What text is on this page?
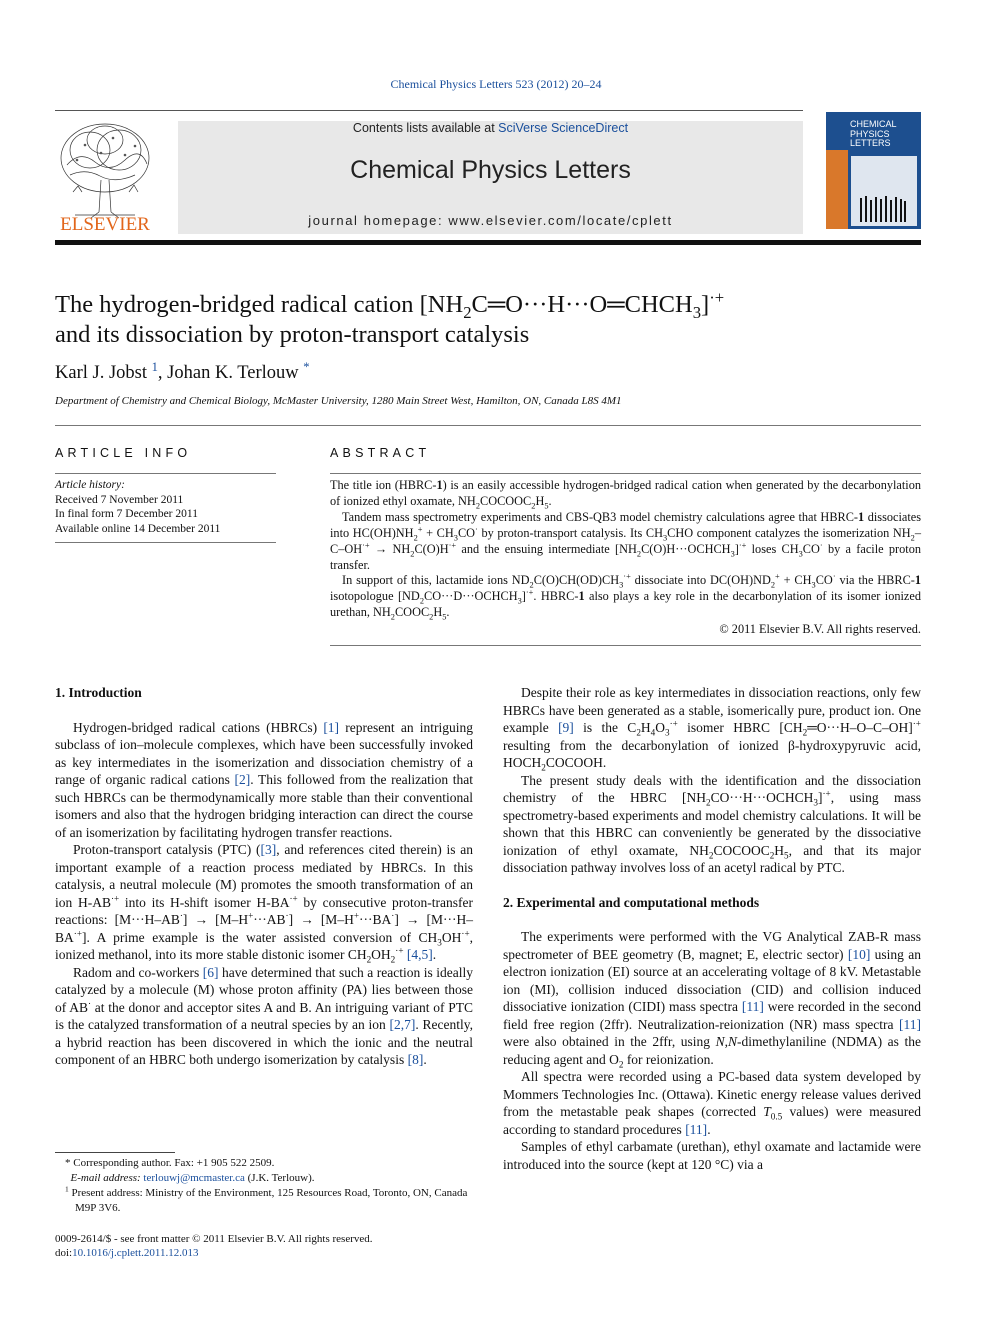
Chemical Physics Letters 523 (2012) 20–24
ELSEVIER
Contents lists available at SciVerse ScienceDirect
Chemical Physics Letters
journal homepage: www.elsevier.com/locate/cplett
CHEMICAL
PHYSICS
LETTERS
The hydrogen-bridged radical cation $[NH_2C═O\cdot\cdot\cdot H\cdot\cdot\cdot O═CHCH_3]^{\cdot+}$
and its dissociation by proton-transport catalysis
Karl J. Jobst $^1$, Johan K. Terlouw *
Department of Chemistry and Chemical Biology, McMaster University, 1280 Main Street West, Hamilton, ON, Canada L8S 4M1
ARTICLE INFO
Article history:
Received 7 November 2011
In final form 7 December 2011
Available online 14 December 2011
ABSTRACT

The title ion (HBRC-1) is an easily accessible hydrogen-bridged radical cation when generated by the decarbonylation of ionized ethyl oxamate, $NH_2COCOOC_2H_5$.

Tandem mass spectrometry experiments and CBS-QB3 model chemistry calculations agree that HBRC-1 dissociates into $HC(OH)NH_2^+ + CH_3CO^\cdot$ by proton-transport catalysis. Its $CH_3CHO$ component catalyzes the isomerization $NH_2-C-OH^{\cdot+} \to NH_2C(O)H^{\cdot+}$ and the ensuing intermediate $[NH_2C(O)H\cdot\cdot\cdot OCHCH_3]^{\cdot+}$ loses $CH_3CO^\cdot$ by a facile proton transfer.

In support of this, lactamide ions $ND_2C(O)CH(OD)CH_3^{\cdot+}$ dissociate into $DC(OH)ND_2^+ + CH_3CO^\cdot$ via the HBRC-1 isotopologue $[ND_2CO\cdot\cdot\cdot D\cdot\cdot\cdot OCHCH_3]^{\cdot+}$. HBRC-1 also plays a key role in the decarbonylation of its isomer ionized urethan, $NH_2COOC_2H_5$.

© 2011 Elsevier B.V. All rights reserved.
1. Introduction

Hydrogen-bridged radical cations (HBRCs) [1] represent an intriguing subclass of ion–molecule complexes, which have been successfully invoked as key intermediates in the isomerization and dissociation chemistry of a range of organic radical cations [2]. This followed from the realization that such HBRCs can be thermodynamically more stable than their conventional isomers and also that the hydrogen bridging interaction can direct the course of an isomerization by facilitating hydrogen transfer reactions.

Proton-transport catalysis (PTC) ([3], and references cited therein) is an important example of a reaction process mediated by HBRCs. In this catalysis, a neutral molecule (M) promotes the smooth transformation of an ion H-AB·+ into its H-shift isomer H-BA·+ by consecutive proton-transfer reactions: [M···H–AB·] → [M–H+···AB·] → [M–H+···BA·] → [M···H–BA·+]. A prime example is the water assisted conversion of $CH_3OH^{\cdot+}$, ionized methanol, into its more stable distonic isomer $CH_2OH_2^{\cdot+}$ [4,5].

Radom and co-workers [6] have determined that such a reaction is ideally catalyzed by a molecule (M) whose proton affinity (PA) lies between those of AB· at the donor and acceptor sites A and B. An intriguing variant of PTC is the catalyzed transformation of a neutral species by an ion [2,7]. Recently, a hybrid reaction has been discovered in which the ionic and the neutral component of an HBRC both undergo isomerization by catalysis [8].

Despite their role as key intermediates in dissociation reactions, only few HBRCs have been generated as a stable, isomerically pure, product ion. One example [9] is the $C_2H_4O_3^{\cdot+}$ isomer HBRC $[CH_2═O\cdot\cdot\cdot H-O-C-OH]^{\cdot+}$ resulting from the decarbonylation of ionized β-hydroxypyruvic acid, $HOCH_2COCOOH$.

The present study deals with the identification and the dissociation chemistry of the HBRC $[NH_2CO\cdot\cdot\cdot H\cdot\cdot\cdot OCHCH_3]^{\cdot+}$, using mass spectrometry-based experiments and model chemistry calculations. It will be shown that this HBRC can conveniently be generated by the dissociative ionization of ethyl oxamate, $NH_2COCOOC_2H_5$, and that its major dissociation pathway involves loss of an acetyl radical by PTC.

2. Experimental and computational methods

The experiments were performed with the VG Analytical ZAB-R mass spectrometer of BEE geometry (B, magnet; E, electric sector) [10] using an electron ionization (EI) source at an accelerating voltage of 8 kV. Metastable ion (MI), collision induced dissociation (CID) and collision induced dissociative ionization (CIDI) mass spectra [11] were recorded in the second field free region (2ffr). Neutralization-reionization (NR) mass spectra [11] were also obtained in the 2ffr, using N,N-dimethylaniline (NDMA) as the reducing agent and $O_2$ for reionization.

All spectra were recorded using a PC-based data system developed by Mommers Technologies Inc. (Ottawa). Kinetic energy release values derived from the metastable peak shapes (corrected $T_{0.5}$ values) were measured according to standard procedures [11].

Samples of ethyl carbamate (urethan), ethyl oxamate and lactamide were introduced into the source (kept at 120 °C) via a

* Corresponding author. Fax: +1 905 522 2509.
E-mail address: terlouwj@mcmaster.ca (J.K. Terlouw).
$^1$ Present address: Ministry of the Environment, 125 Resources Road, Toronto, ON, Canada M9P 3V6.
0009-2614/$ - see front matter © 2011 Elsevier B.V. All rights reserved.
doi:10.1016/j.cplett.2011.12.013
